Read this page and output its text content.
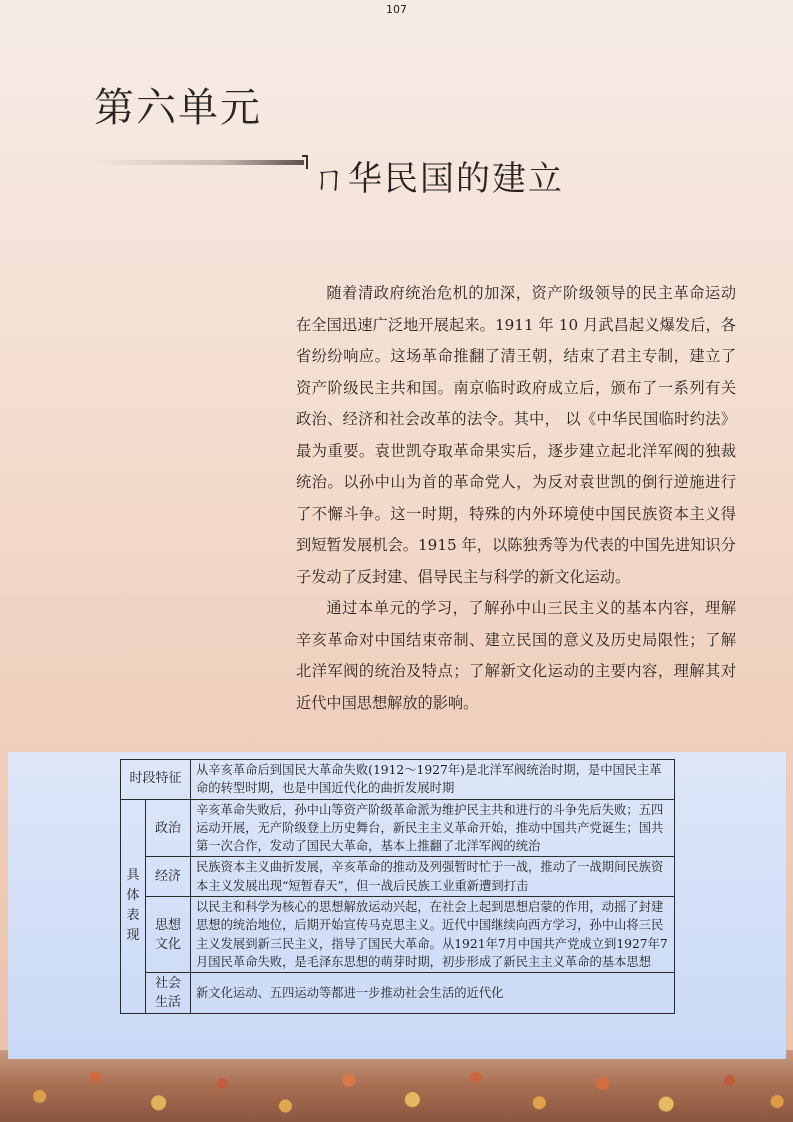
107
第六单元
ㄇ华民国的建立

随着清政府统治危机的加深，资产阶级领导的民主革命运动在全国迅速广泛地开展起来。1911 年 10 月武昌起义爆发后，各省纷纷响应。这场革命推翻了清王朝，结束了君主专制，建立了资产阶级民主共和国。南京临时政府成立后，颁布了一系列有关政治、经济和社会改革的法令。其中， 以《中华民国临时约法》最为重要。袁世凯夺取革命果实后，逐步建立起北洋军阀的独裁统治。以孙中山为首的革命党人，为反对袁世凯的倒行逆施进行了不懈斗争。这一时期，特殊的内外环境使中国民族资本主义得到短暂发展机会。1915 年，以陈独秀等为代表的中国先进知识分子发动了反封建、倡导民主与科学的新文化运动。

通过本单元的学习，了解孙中山三民主义的基本内容，理解辛亥革命对中国结束帝制、建立民国的意义及历史局限性；了解北洋军阀的统治及特点；了解新文化运动的主要内容，理解其对近代中国思想解放的影响。

时段特征		从辛亥革命后到国民大革命失败(1912～1927年)是北洋军阀统治时期，是中国民主革命的转型时期，也是中国近代化的曲折发展时期
具体表现	政治	辛亥革命失败后，孙中山等资产阶级革命派为维护民主共和进行的斗争先后失败；五四运动开展，无产阶级登上历史舞台，新民主主义革命开始，推动中国共产党诞生；国共第一次合作，发动了国民大革命，基本上推翻了北洋军阀的统治
	经济	民族资本主义曲折发展，辛亥革命的推动及列强暂时忙于一战，推动了一战期间民族资本主义发展出现“短暂春天”，但一战后民族工业重新遭到打击
	思想文化	以民主和科学为核心的思想解放运动兴起，在社会上起到思想启蒙的作用，动摇了封建思想的统治地位，后期开始宣传马克思主义。近代中国继续向西方学习，孙中山将三民主义发展到新三民主义，指导了国民大革命。从1921年7月中国共产党成立到1927年7月国民革命失败，是毛泽东思想的萌芽时期，初步形成了新民主主义革命的基本思想
	社会生活	新文化运动、五四运动等都进一步推动社会生活的近代化
